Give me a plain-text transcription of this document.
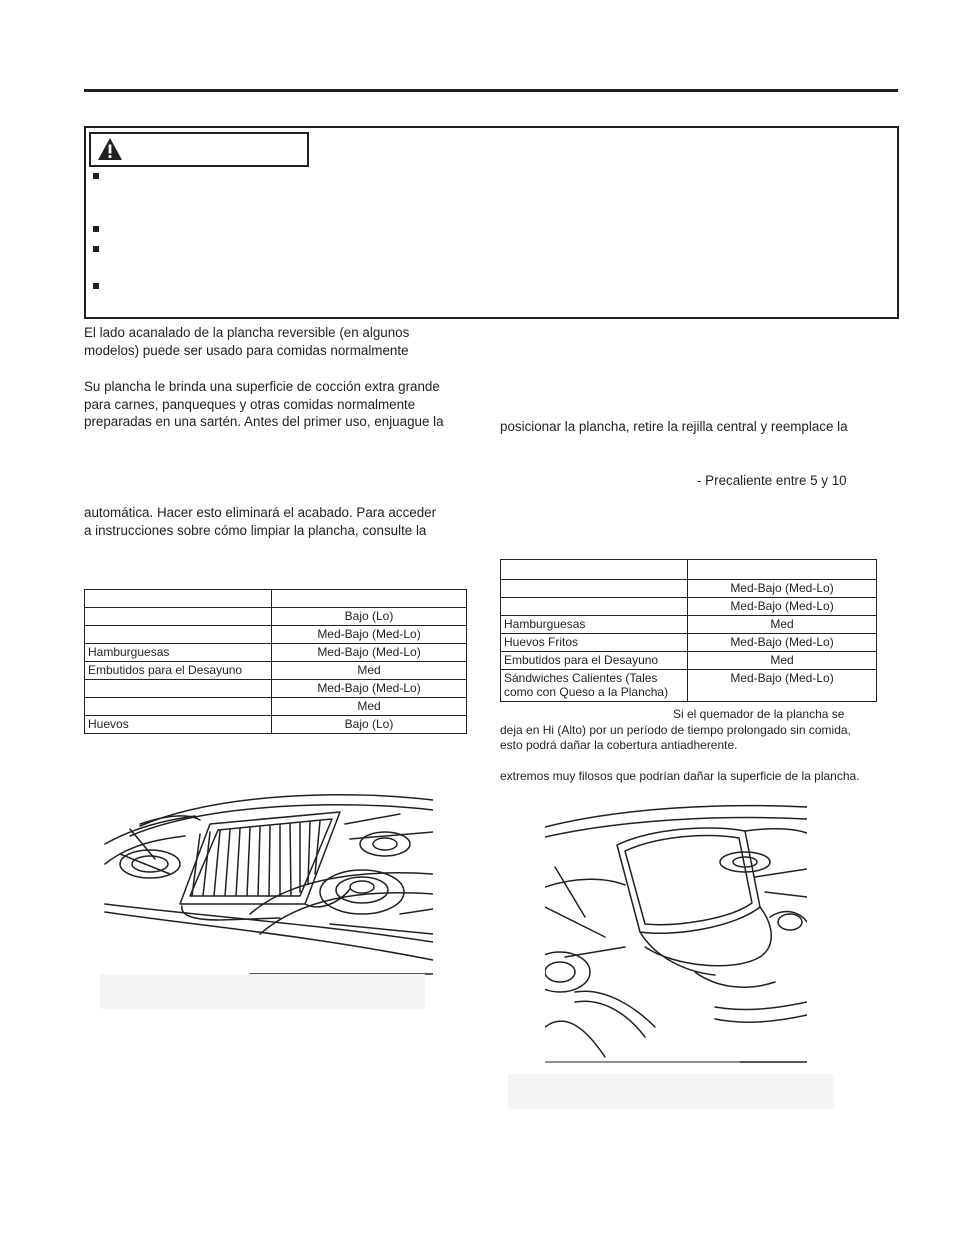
El lado acanalado de la plancha reversible (en algunos
modelos) puede ser usado para comidas normalmente
Su plancha le brinda una superficie de cocción extra grande
para carnes, panqueques y otras comidas normalmente
preparadas en una sartén. Antes del primer uso, enjuague la
automática. Hacer esto eliminará el acabado. Para acceder
a instrucciones sobre cómo limpiar la plancha, consulte la
posicionar la plancha, retire la rejilla central y reemplace la
- Precaliente entre 5 y 10

	Bajo (Lo)
	Med-Bajo (Med-Lo)
Hamburguesas	Med-Bajo (Med-Lo)
Embutidos para el Desayuno	Med
	Med-Bajo (Med-Lo)
	Med
Huevos	Bajo (Lo)

	Med-Bajo (Med-Lo)
	Med-Bajo (Med-Lo)
Hamburguesas	Med
Huevos Fritos	Med-Bajo (Med-Lo)
Embutidos para el Desayuno	Med
Sándwiches Calientes (Tales como con Queso a la Plancha)	Med-Bajo (Med-Lo)
Si el quemador de la plancha se
deja en Hi (Alto) por un período de tiempo prolongado sin comida,
esto podrá dañar la cobertura antiadherente.
extremos muy filosos que podrían dañar la superficie de la plancha.
